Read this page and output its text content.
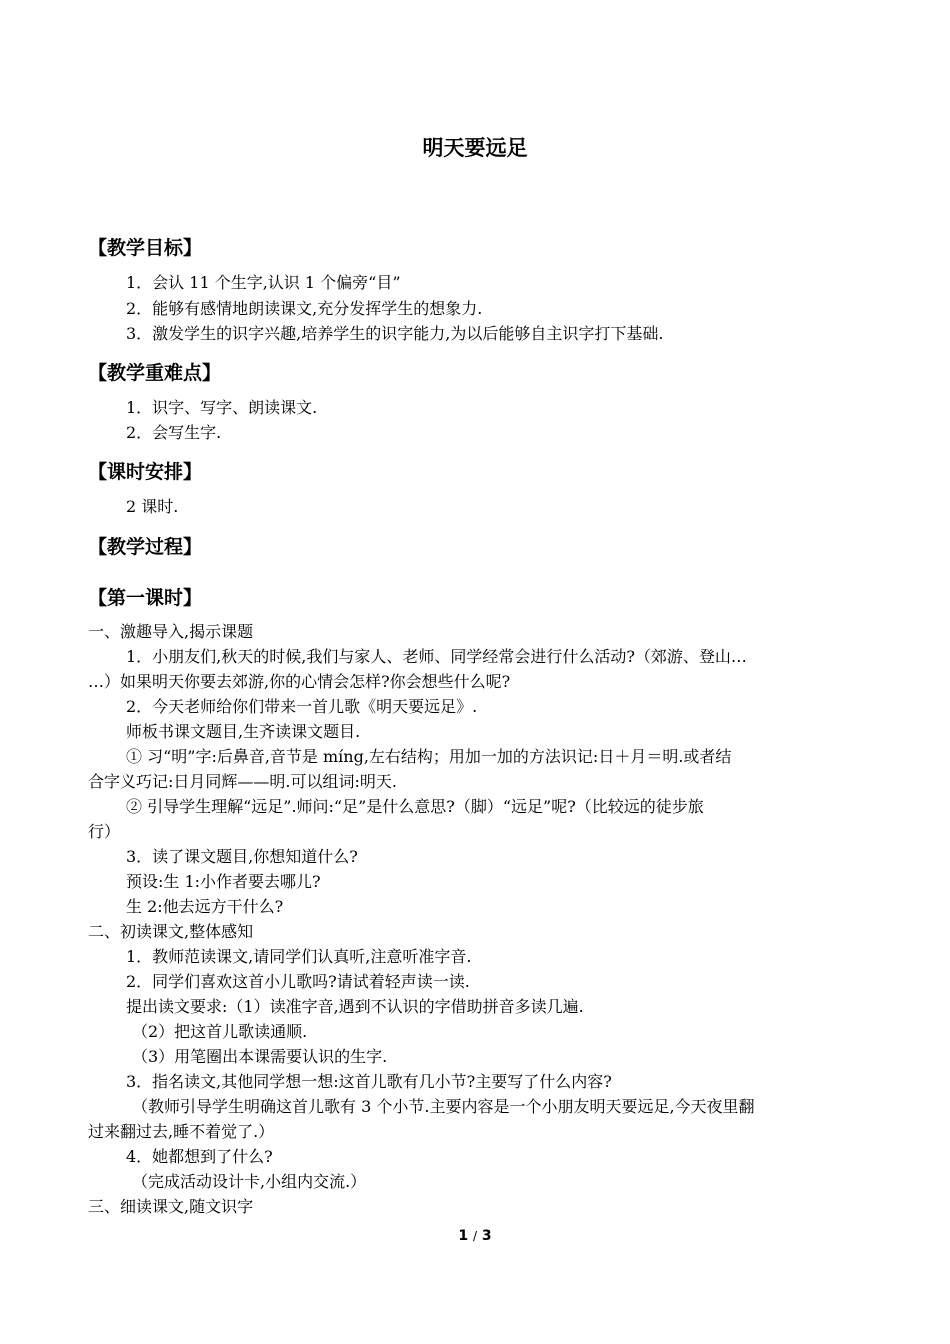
明天要远足
【教学目标】
1．会认 11 个生字,认识 1 个偏旁“目”
2．能够有感情地朗读课文,充分发挥学生的想象力.
3．激发学生的识字兴趣,培养学生的识字能力,为以后能够自主识字打下基础.
【教学重难点】
1．识字、写字、朗读课文.
2．会写生字.
【课时安排】
2 课时.
【教学过程】
【第一课时】
一、激趣导入,揭示课题
1．小朋友们,秋天的时候,我们与家人、老师、同学经常会进行什么活动?（郊游、登山…
…）如果明天你要去郊游,你的心情会怎样?你会想些什么呢?
2．今天老师给你们带来一首儿歌《明天要远足》.
师板书课文题目,生齐读课文题目.
① 习“明”字:后鼻音,音节是 míng,左右结构；用加一加的方法识记:日＋月＝明.或者结
合字义巧记:日月同辉——明.可以组词:明天.
② 引导学生理解“远足”.师问:“足”是什么意思?（脚）“远足”呢?（比较远的徒步旅
行）
3．读了课文题目,你想知道什么?
预设:生 1:小作者要去哪儿?
生 2:他去远方干什么?
二、初读课文,整体感知
1．教师范读课文,请同学们认真听,注意听准字音.
2．同学们喜欢这首小儿歌吗?请试着轻声读一读.
提出读文要求:（1）读准字音,遇到不认识的字借助拼音多读几遍.
（2）把这首儿歌读通顺.
（3）用笔圈出本课需要认识的生字.
3．指名读文,其他同学想一想:这首儿歌有几小节?主要写了什么内容?
（教师引导学生明确这首儿歌有 3 个小节.主要内容是一个小朋友明天要远足,今天夜里翻
过来翻过去,睡不着觉了.）
4．她都想到了什么?
（完成活动设计卡,小组内交流.）
三、细读课文,随文识字
1 / 3
